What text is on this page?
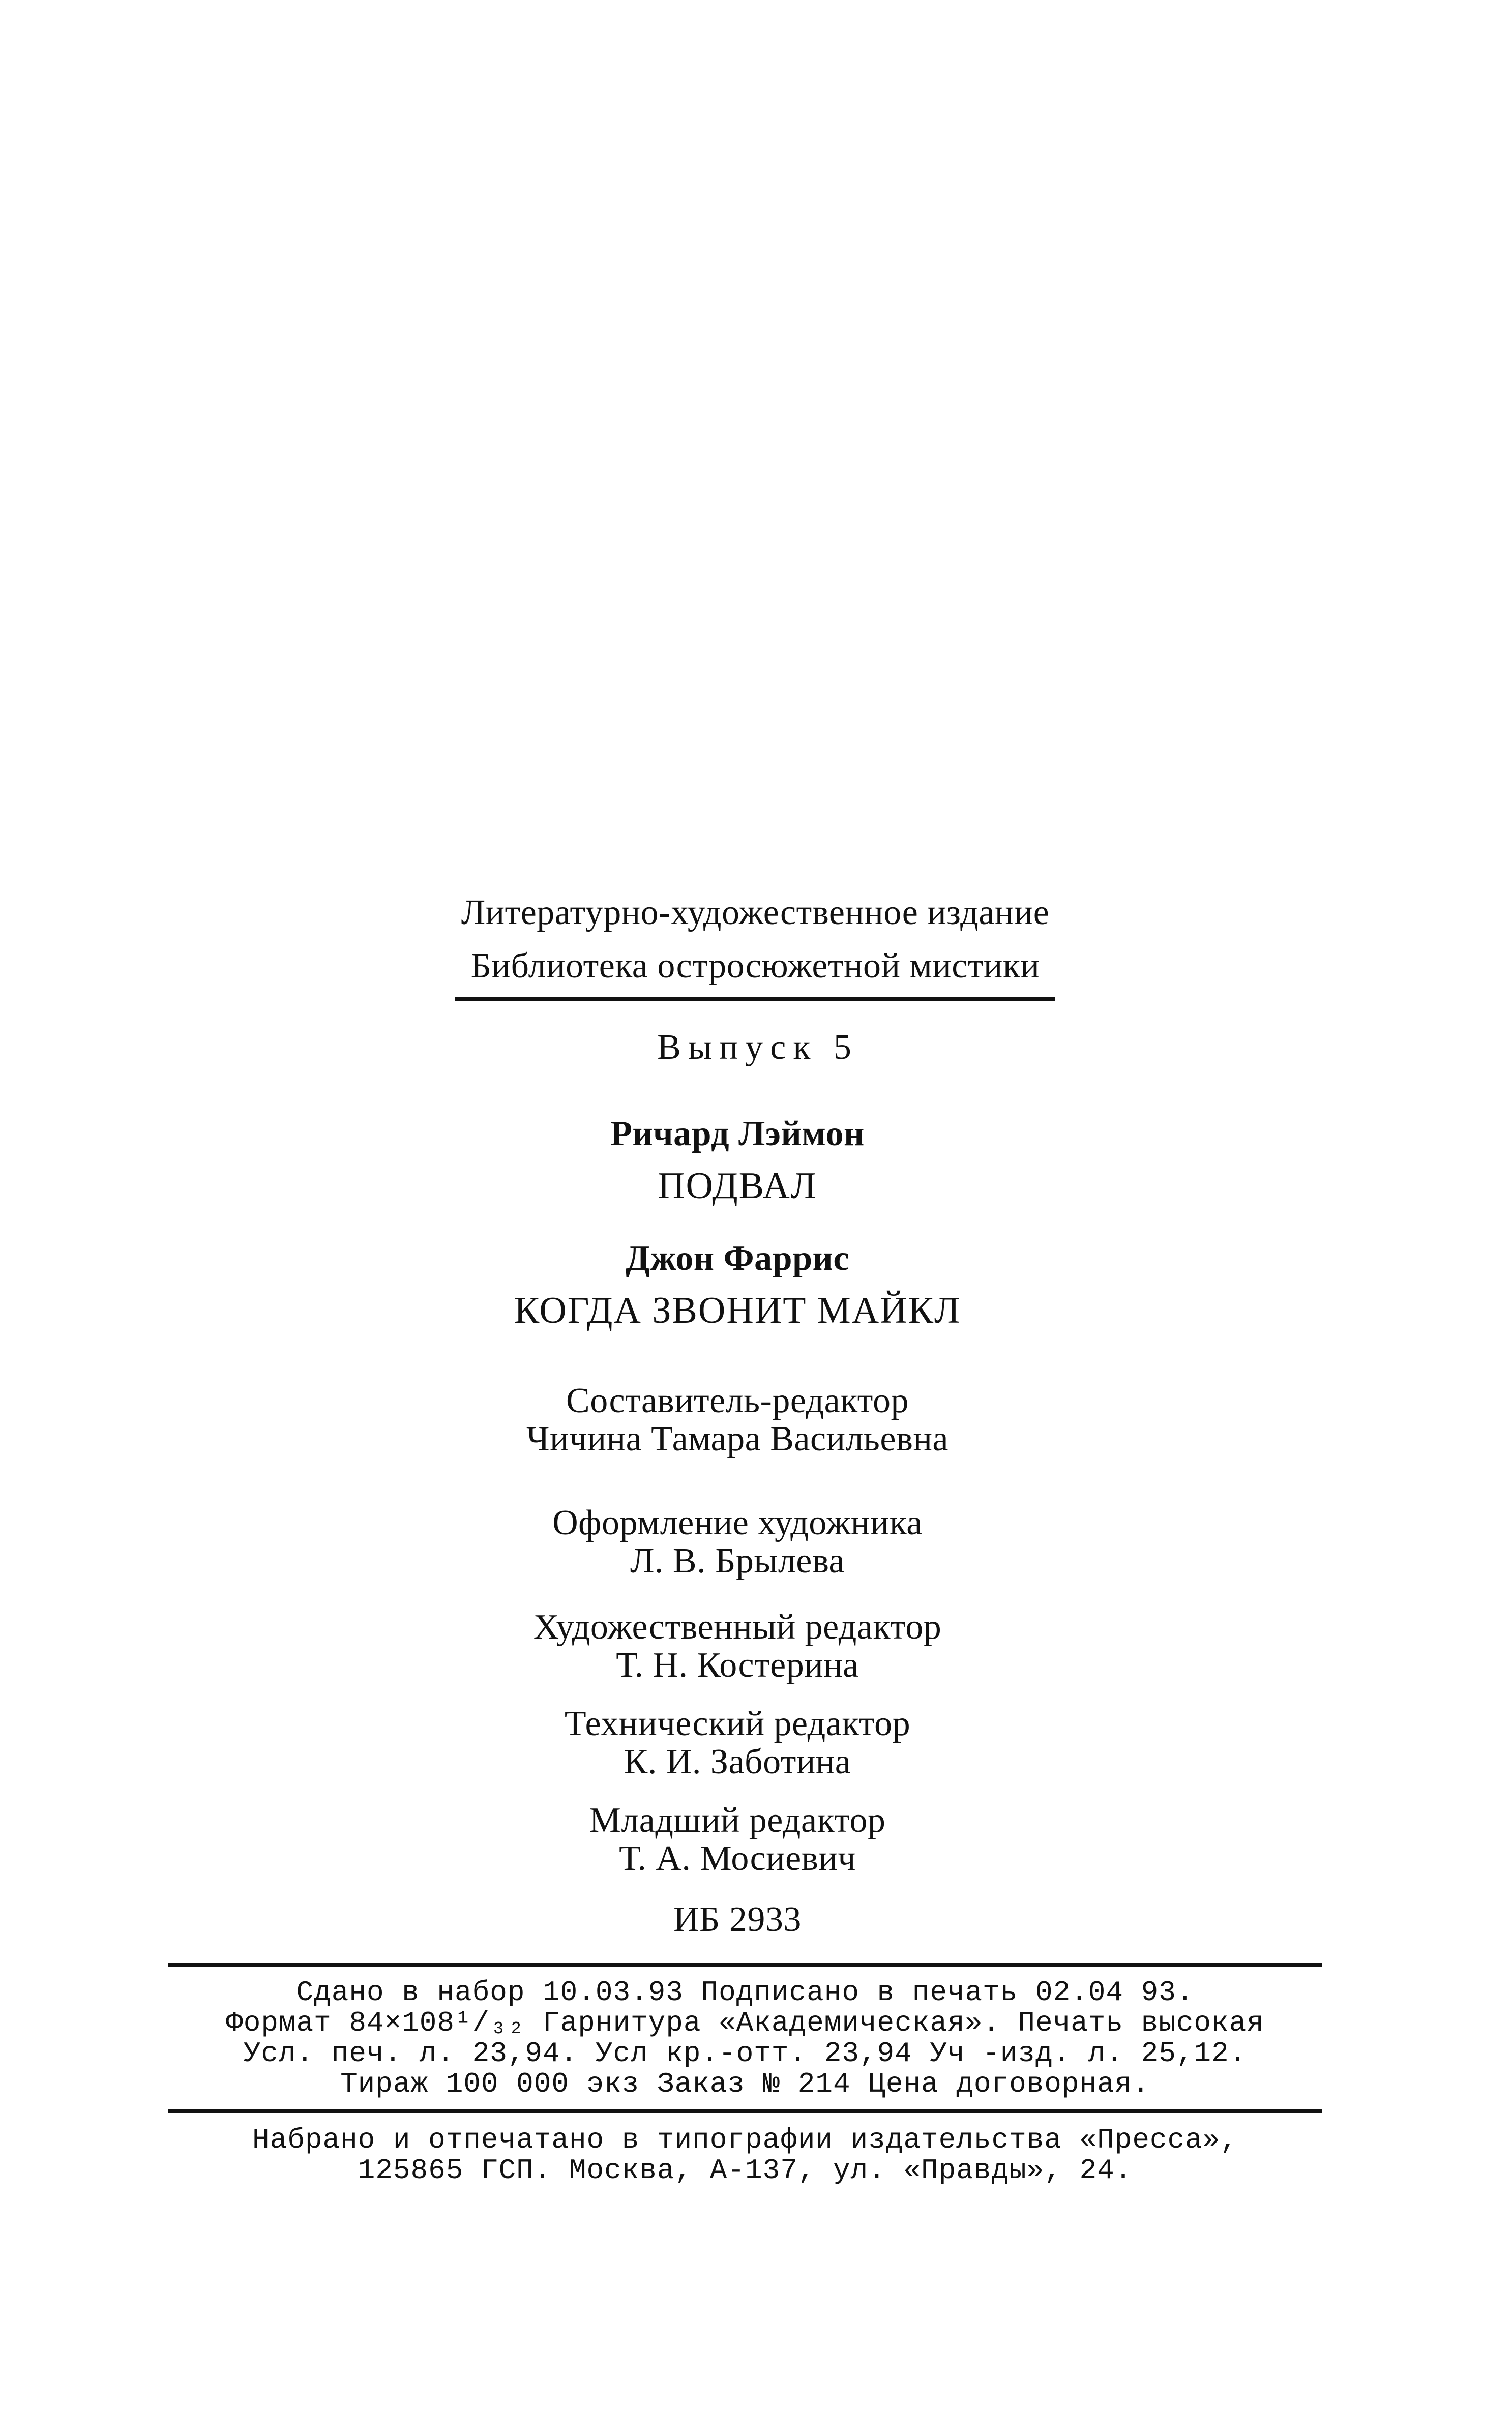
Литературно-художественное издание
Библиотека остросюжетной мистики
Выпуск 5
Ричард Лэймон
ПОДВАЛ
Джон Фаррис
КОГДА ЗВОНИТ МАЙКЛ
Составитель-редактор
Чичина Тамара Васильевна
Оформление художника
Л. В. Брылева
Художественный редактор
Т. Н. Костерина
Технический редактор
К. И. Заботина
Младший редактор
Т. А. Мосиевич
ИБ 2933
Сдано в набор 10.03.93 Подписано в печать 02.04 93.
Формат 84×108¹/₃₂ Гарнитура «Академическая». Печать высокая
Усл. печ. л. 23,94. Усл кр.-отт. 23,94 Уч -изд. л. 25,12.
Тираж 100 000 экз Заказ № 214 Цена договорная.
Набрано и отпечатано в типографии издательства «Пресса»,
125865 ГСП. Москва, А-137, ул. «Правды», 24.
